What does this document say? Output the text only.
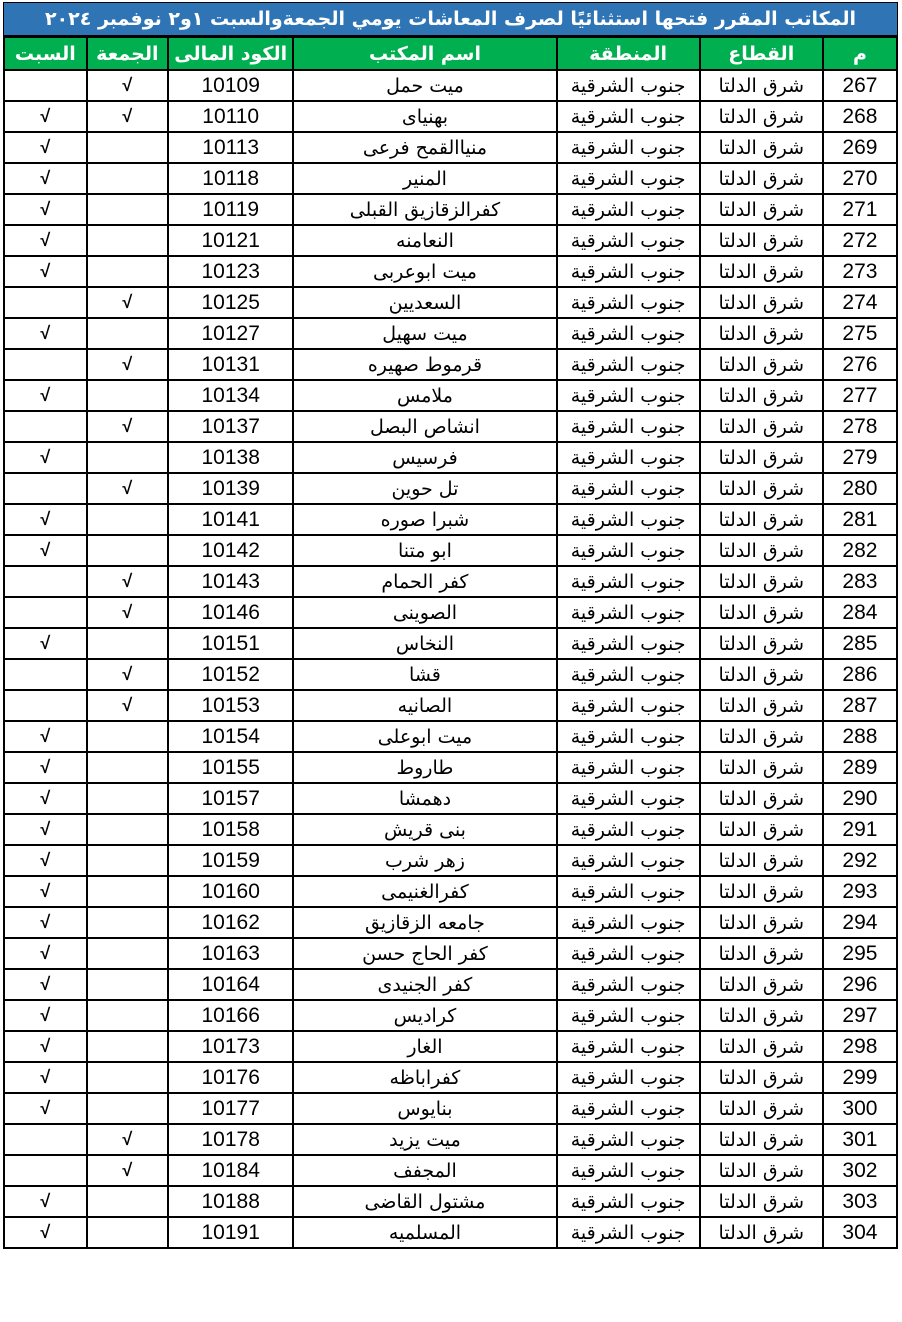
المكاتب المقرر فتحها استثنائيًا لصرف المعاشات يومي الجمعةوالسبت ١و٢ نوفمبر ٢٠٢٤
م	القطاع	المنطقة	اسم المكتب	الكود المالى	الجمعة	السبت
267	شرق الدلتا	جنوب الشرقية	ميت حمل	10109	√	
268	شرق الدلتا	جنوب الشرقية	بهنياى	10110	√	√
269	شرق الدلتا	جنوب الشرقية	منياالقمح فرعى	10113		√
270	شرق الدلتا	جنوب الشرقية	المنير	10118		√
271	شرق الدلتا	جنوب الشرقية	كفرالزقازيق القبلى	10119		√
272	شرق الدلتا	جنوب الشرقية	النعامنه	10121		√
273	شرق الدلتا	جنوب الشرقية	ميت ابوعربى	10123		√
274	شرق الدلتا	جنوب الشرقية	السعديين	10125	√	
275	شرق الدلتا	جنوب الشرقية	ميت سهيل	10127		√
276	شرق الدلتا	جنوب الشرقية	قرموط صهيره	10131	√	
277	شرق الدلتا	جنوب الشرقية	ملامس	10134		√
278	شرق الدلتا	جنوب الشرقية	انشاص البصل	10137	√	
279	شرق الدلتا	جنوب الشرقية	فرسيس	10138		√
280	شرق الدلتا	جنوب الشرقية	تل حوين	10139	√	
281	شرق الدلتا	جنوب الشرقية	شبرا صوره	10141		√
282	شرق الدلتا	جنوب الشرقية	ابو متنا	10142		√
283	شرق الدلتا	جنوب الشرقية	كفر الحمام	10143	√	
284	شرق الدلتا	جنوب الشرقية	الصوينى	10146	√	
285	شرق الدلتا	جنوب الشرقية	النخاس	10151		√
286	شرق الدلتا	جنوب الشرقية	قشا	10152	√	
287	شرق الدلتا	جنوب الشرقية	الصانيه	10153	√	
288	شرق الدلتا	جنوب الشرقية	ميت ابوعلى	10154		√
289	شرق الدلتا	جنوب الشرقية	طاروط	10155		√
290	شرق الدلتا	جنوب الشرقية	دهمشا	10157		√
291	شرق الدلتا	جنوب الشرقية	بنى قريش	10158		√
292	شرق الدلتا	جنوب الشرقية	زهر شرب	10159		√
293	شرق الدلتا	جنوب الشرقية	كفرالغنيمى	10160		√
294	شرق الدلتا	جنوب الشرقية	جامعه الزقازيق	10162		√
295	شرق الدلتا	جنوب الشرقية	كفر الحاج حسن	10163		√
296	شرق الدلتا	جنوب الشرقية	كفر الجنيدى	10164		√
297	شرق الدلتا	جنوب الشرقية	كراديس	10166		√
298	شرق الدلتا	جنوب الشرقية	الغار	10173		√
299	شرق الدلتا	جنوب الشرقية	كفراباظه	10176		√
300	شرق الدلتا	جنوب الشرقية	بنايوس	10177		√
301	شرق الدلتا	جنوب الشرقية	ميت يزيد	10178	√	
302	شرق الدلتا	جنوب الشرقية	المجفف	10184	√	
303	شرق الدلتا	جنوب الشرقية	مشتول القاضى	10188		√
304	شرق الدلتا	جنوب الشرقية	المسلميه	10191		√
